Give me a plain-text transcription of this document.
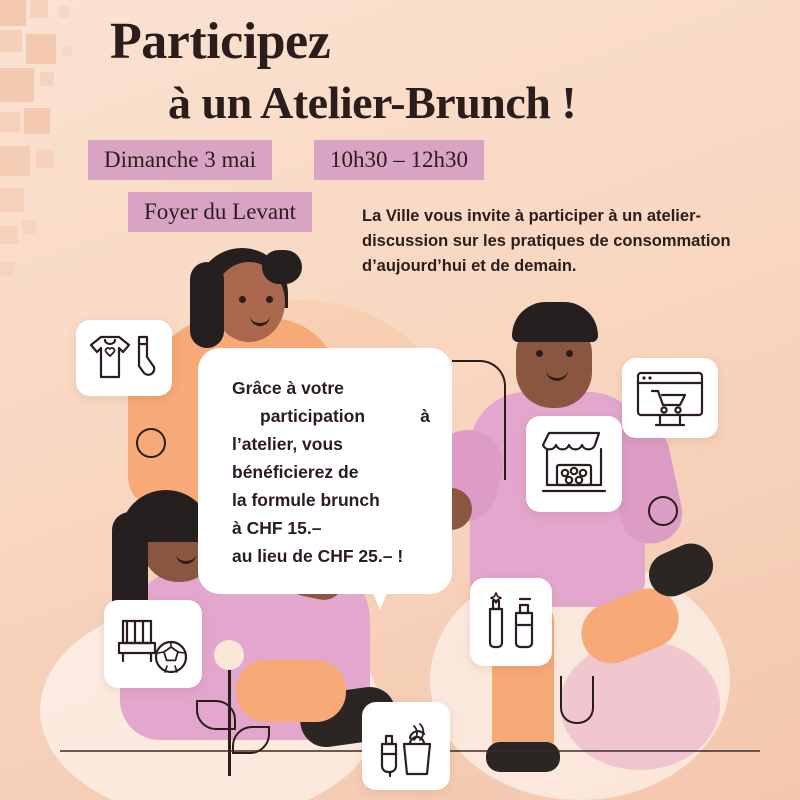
Participez
à un Atelier-Brunch !
Dimanche 3 mai	10h30 – 12h30
Foyer du Levant	La Ville vous invite à participer à un atelier-discussion sur les pratiques de consommation d’aujourd’hui et de demain.
Grâce à votre
participation	à
l’atelier, vous
bénéficierez de
la formule brunch
à CHF 15.–
au lieu de CHF 25.– !
